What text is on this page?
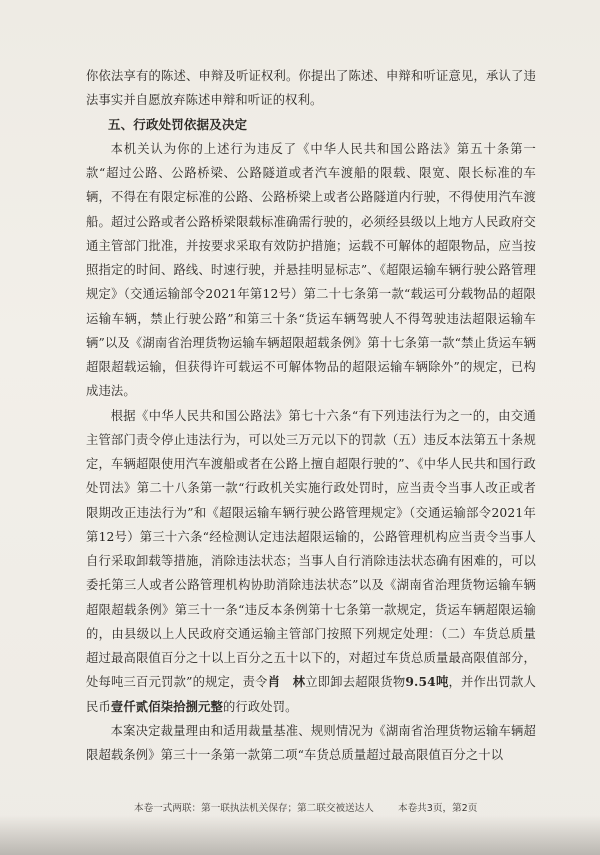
你依法享有的陈述、申辩及听证权利。你提出了陈述、申辩和听证意见，承认了违法事实并自愿放弃陈述申辩和听证的权利。

五、行政处罚依据及决定

本机关认为你的上述行为违反了《中华人民共和国公路法》第五十条第一款“超过公路、公路桥梁、公路隧道或者汽车渡船的限载、限宽、限长标准的车辆，不得在有限定标准的公路、公路桥梁上或者公路隧道内行驶，不得使用汽车渡船。超过公路或者公路桥梁限载标准确需行驶的，必须经县级以上地方人民政府交通主管部门批准，并按要求采取有效防护措施；运载不可解体的超限物品，应当按照指定的时间、路线、时速行驶，并悬挂明显标志”、《超限运输车辆行驶公路管理规定》（交通运输部令2021年第12号）第二十七条第一款“载运可分载物品的超限运输车辆，禁止行驶公路”和第三十条“货运车辆驾驶人不得驾驶违法超限运输车辆”以及《湖南省治理货物运输车辆超限超载条例》第十七条第一款“禁止货运车辆超限超载运输，但获得许可载运不可解体物品的超限运输车辆除外”的规定，已构成违法。

根据《中华人民共和国公路法》第七十六条“有下列违法行为之一的，由交通主管部门责令停止违法行为，可以处三万元以下的罚款（五）违反本法第五十条规定，车辆超限使用汽车渡船或者在公路上擅自超限行驶的”、《中华人民共和国行政处罚法》第二十八条第一款“行政机关实施行政处罚时，应当责令当事人改正或者限期改正违法行为”和《超限运输车辆行驶公路管理规定》（交通运输部令2021年第12号）第三十六条“经检测认定违法超限运输的，公路管理机构应当责令当事人自行采取卸载等措施，消除违法状态；当事人自行消除违法状态确有困难的，可以委托第三人或者公路管理机构协助消除违法状态”以及《湖南省治理货物运输车辆超限超载条例》第三十一条“违反本条例第十七条第一款规定，货运车辆超限运输的，由县级以上人民政府交通运输主管部门按照下列规定处理：（二）车货总质量超过最高限值百分之十以上百分之五十以下的，对超过车货总质量最高限值部分，处每吨三百元罚款”的规定，责令肖　林立即卸去超限货物9.54吨，并作出罚款人民币壹仟贰佰柒拾捌元整的行政处罚。

本案决定裁量理由和适用裁量基准、规则情况为《湖南省治理货物运输车辆超限超载条例》第三十一条第一款第二项“车货总质量超过最高限值百分之十以

本卷一式两联：第一联执法机关保存；第二联交被送达人	本卷共3页，第2页
